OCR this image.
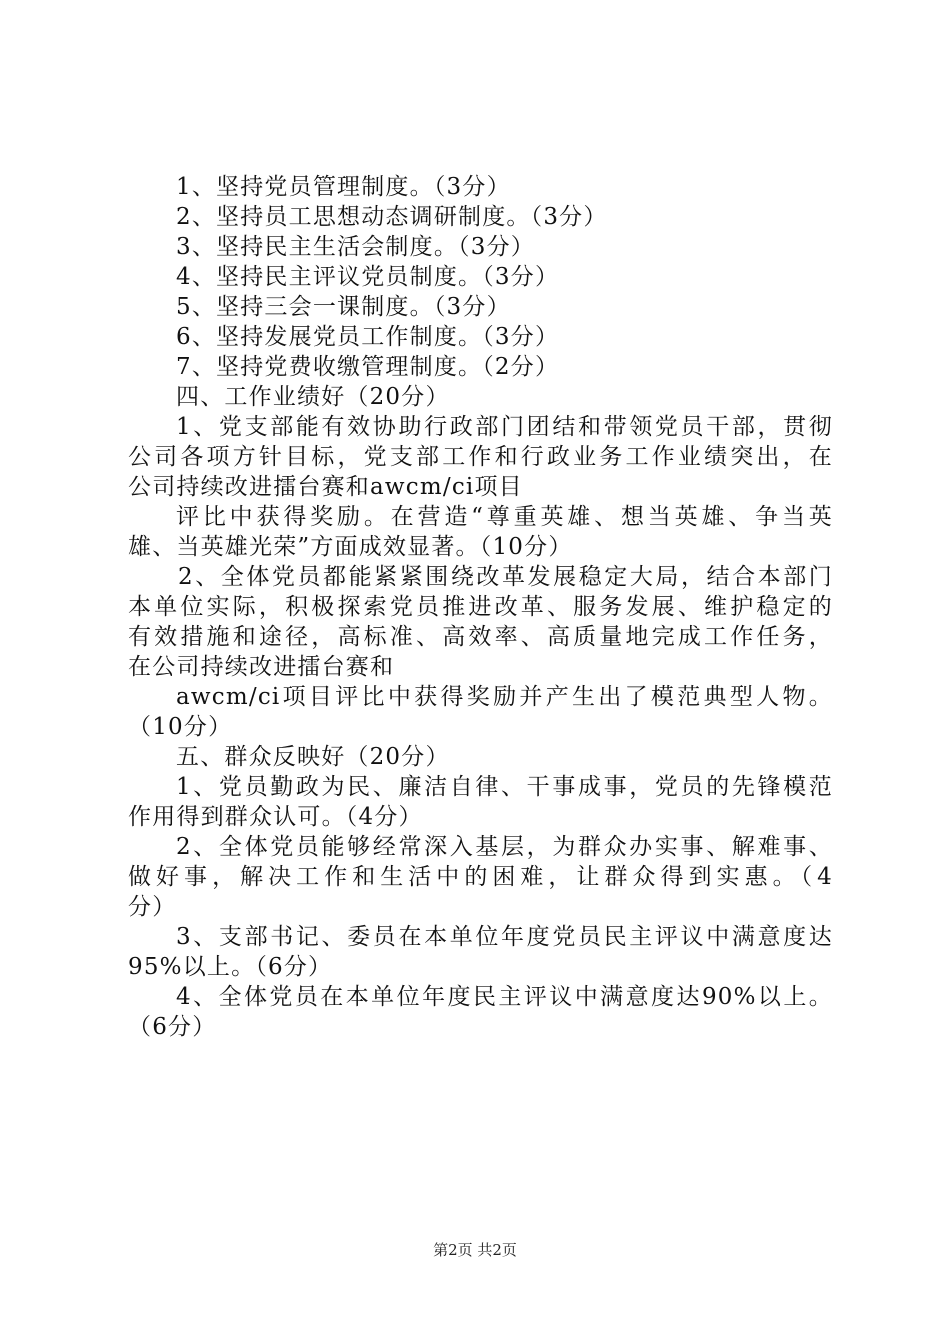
1、坚持党员管理制度。（3分）
2、坚持员工思想动态调研制度。（3分）
3、坚持民主生活会制度。（3分）
4、坚持民主评议党员制度。（3分）
5、坚持三会一课制度。（3分）
6、坚持发展党员工作制度。（3分）
7、坚持党费收缴管理制度。（2分）
四、工作业绩好（20分）
1、党支部能有效协助行政部门团结和带领党员干部，贯彻
公司各项方针目标，党支部工作和行政业务工作业绩突出，在
公司持续改进擂台赛和awcm/ci项目
评比中获得奖励。在营造“尊重英雄、想当英雄、争当英
雄、当英雄光荣”方面成效显著。（10分）
2、全体党员都能紧紧围绕改革发展稳定大局，结合本部门
本单位实际，积极探索党员推进改革、服务发展、维护稳定的
有效措施和途径，高标准、高效率、高质量地完成工作任务，
在公司持续改进擂台赛和
awcm/ci项目评比中获得奖励并产生出了模范典型人物。
（10分）
五、群众反映好（20分）
1、党员勤政为民、廉洁自律、干事成事，党员的先锋模范
作用得到群众认可。（4分）
2、全体党员能够经常深入基层，为群众办实事、解难事、
做好事，解决工作和生活中的困难，让群众得到实惠。（4
分）
3、支部书记、委员在本单位年度党员民主评议中满意度达
95%以上。（6分）
4、全体党员在本单位年度民主评议中满意度达90%以上。
（6分）
第2页 共2页
